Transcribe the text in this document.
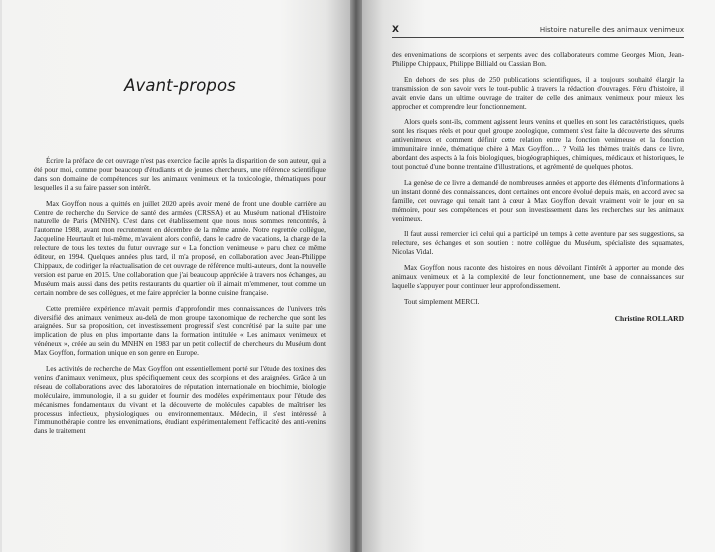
Avant-propos

Écrire la préface de cet ouvrage n'est pas exercice facile après la disparition de son auteur, qui a été pour moi, comme pour beaucoup d'étudiants et de jeunes chercheurs, une référence scientifique dans son domaine de compétences sur les animaux venimeux et la toxicologie, thématiques pour lesquelles il a su faire passer son intérêt.

Max Goyffon nous a quittés en juillet 2020 après avoir mené de front une double carrière au Centre de recherche du Service de santé des armées (CRSSA) et au Muséum national d'Histoire naturelle de Paris (MNHN). C'est dans cet établissement que nous nous sommes rencontrés, à l'automne 1988, avant mon recrutement en décembre de la même année. Notre regrettée collègue, Jacqueline Heurtault et lui-même, m'avaient alors confié, dans le cadre de vacations, la charge de la relecture de tous les textes du futur ouvrage sur « La fonction venimeuse » paru chez ce même éditeur, en 1994. Quelques années plus tard, il m'a proposé, en collaboration avec Jean-Philippe Chippaux, de codiriger la réactualisation de cet ouvrage de référence multi-auteurs, dont la nouvelle version est parue en 2015. Une collaboration que j'ai beaucoup appréciée à travers nos échanges, au Muséum mais aussi dans des petits restaurants du quartier où il aimait m'emmener, tout comme un certain nombre de ses collègues, et me faire apprécier la bonne cuisine française.

Cette première expérience m'avait permis d'approfondir mes connaissances de l'univers très diversifié des animaux venimeux au-delà de mon groupe taxonomique de recherche que sont les araignées. Sur sa proposition, cet investissement progressif s'est concrétisé par la suite par une implication de plus en plus importante dans la formation intitulée « Les animaux venimeux et vénéneux », créée au sein du MNHN en 1983 par un petit collectif de chercheurs du Muséum dont Max Goyffon, formation unique en son genre en Europe.

Les activités de recherche de Max Goyffon ont essentiellement porté sur l'étude des toxines des venins d'animaux venimeux, plus spécifiquement ceux des scorpions et des araignées. Grâce à un réseau de collaborations avec des laboratoires de réputation internationale en biochimie, biologie moléculaire, immunologie, il a su guider et fournir des modèles expérimentaux pour l'étude des mécanismes fondamentaux du vivant et la découverte de molécules capables de maîtriser les processus infectieux, physiologiques ou environnementaux. Médecin, il s'est intéressé à l'immunothérapie contre les envenimations, étudiant expérimentalement l'efficacité des anti-venins dans le traitement

X	Histoire naturelle des animaux venimeux

des envenimations de scorpions et serpents avec des collaborateurs comme Georges Mion, Jean-Philippe Chippaux, Philippe Billiald ou Cassian Bon.

En dehors de ses plus de 250 publications scientifiques, il a toujours souhaité élargir la transmission de son savoir vers le tout-public à travers la rédaction d'ouvrages. Féru d'histoire, il avait envie dans un ultime ouvrage de traiter de celle des animaux venimeux pour mieux les approcher et comprendre leur fonctionnement.

Alors quels sont-ils, comment agissent leurs venins et quelles en sont les caractéristiques, quels sont les risques réels et pour quel groupe zoologique, comment s'est faite la découverte des sérums antivenimeux et comment définir cette relation entre la fonction venimeuse et la fonction immunitaire innée, thématique chère à Max Goyffon… ? Voilà les thèmes traités dans ce livre, abordant des aspects à la fois biologiques, biogéographiques, chimiques, médicaux et historiques, le tout ponctué d'une bonne trentaine d'illustrations, et agrémenté de quelques photos.

La genèse de ce livre a demandé de nombreuses années et apporte des éléments d'informations à un instant donné des connaissances, dont certaines ont encore évolué depuis mais, en accord avec sa famille, cet ouvrage qui tenait tant à cœur à Max Goyffon devait vraiment voir le jour en sa mémoire, pour ses compétences et pour son investissement dans les recherches sur les animaux venimeux.

Il faut aussi remercier ici celui qui a participé un temps à cette aventure par ses suggestions, sa relecture, ses échanges et son soutien : notre collègue du Muséum, spécialiste des squamates, Nicolas Vidal.

Max Goyffon nous raconte des histoires en nous dévoilant l'intérêt à apporter au monde des animaux venimeux et à la complexité de leur fonctionnement, une base de connaissances sur laquelle s'appuyer pour continuer leur approfondissement.

Tout simplement MERCI.

Christine ROLLARD
